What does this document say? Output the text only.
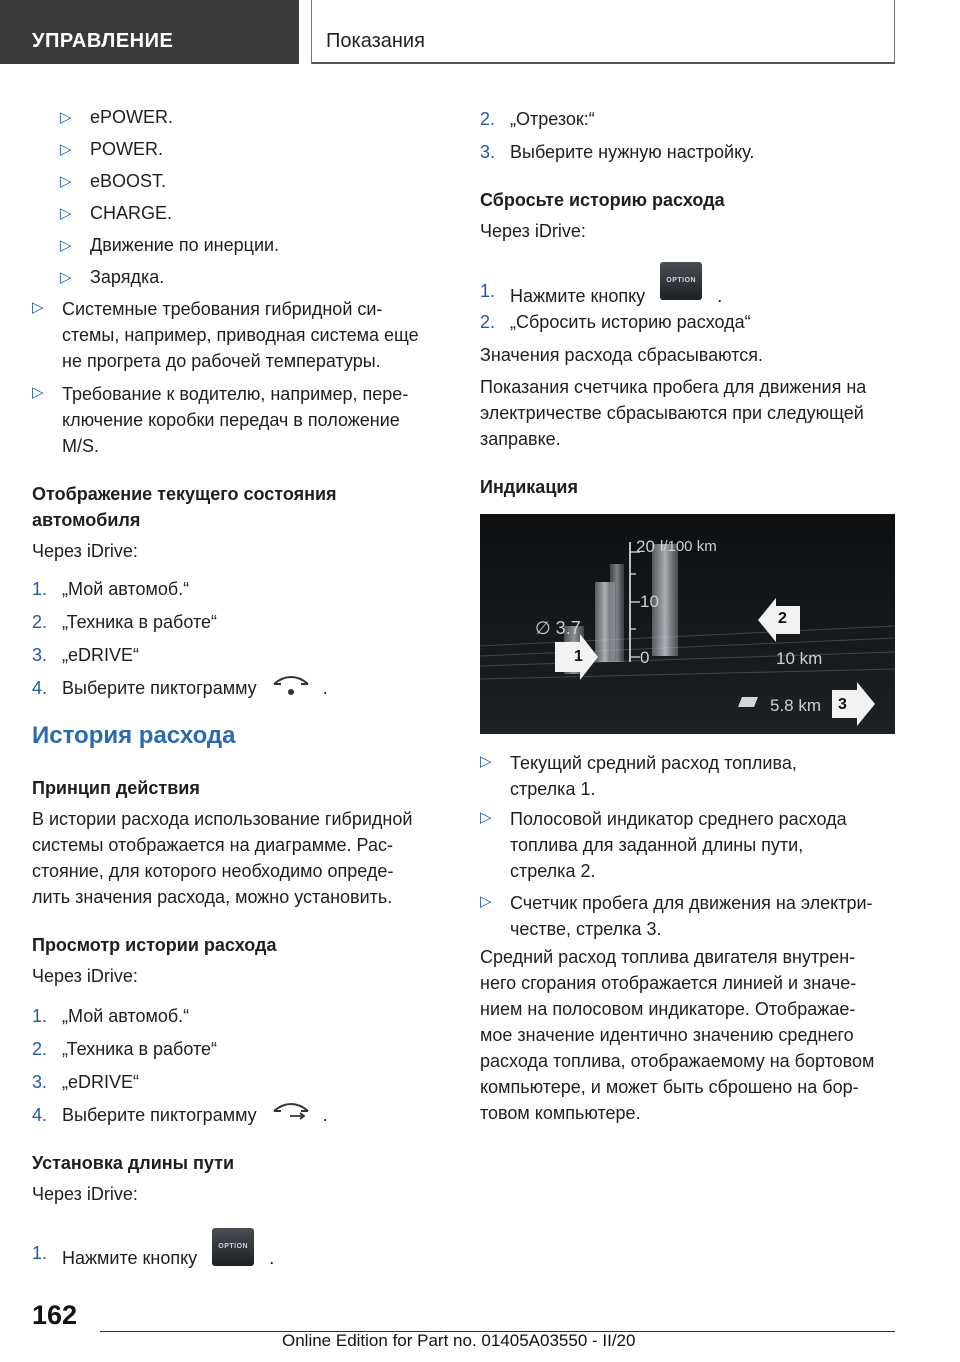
УПРАВЛЕНИЕ	Показания
▷ ePOWER.
▷ POWER.
▷ eBOOST.
▷ CHARGE.
▷ Движение по инерции.
▷ Зарядка.
▷ Системные требования гибридной си-
стемы, например, приводная система еще
не прогрета до рабочей температуры.
▷ Требование к водителю, например, пере-
ключение коробки передач в положение
M/S.
Отображение текущего состояния
автомобиля
Через iDrive:
1. „Мой автомоб.“
2. „Техника в работе“
3. „eDRIVE“
4. Выберите пиктограмму	.
История расхода
Принцип действия
В истории расхода использование гибридной
системы отображается на диаграмме. Рас-
стояние, для которого необходимо опреде-
лить значения расхода, можно установить.
Просмотр истории расхода
Через iDrive:
1. „Мой автомоб.“
2. „Техника в работе“
3. „eDRIVE“
4. Выберите пиктограмму	.
Установка длины пути
Через iDrive:
1. Нажмите кнопку OPTION .
2. „Отрезок:“
3. Выберите нужную настройку.
Сбросьте историю расхода
Через iDrive:
1. Нажмите кнопку OPTION .
2. „Сбросить историю расхода“
Значения расхода сбрасываются.
Показания счетчика пробега для движения на
электричестве сбрасываются при следующей
заправке.
Индикация
▷ Текущий средний расход топлива,
стрелка 1.
▷ Полосовой индикатор среднего расхода
топлива для заданной длины пути,
стрелка 2.
▷ Счетчик пробега для движения на электри-
честве, стрелка 3.
Средний расход топлива двигателя внутрен-
него сгорания отображается линией и значе-
нием на полосовом индикаторе. Отображае-
мое значение идентично значению среднего
расхода топлива, отображаемому на бортовом
компьютере, и может быть сброшено на бор-
товом компьютере.
20 l/100 km
10
0
∅ 3.7
10 km
5.8 km
1
2
3
162
Online Edition for Part no. 01405A03550 - II/20
